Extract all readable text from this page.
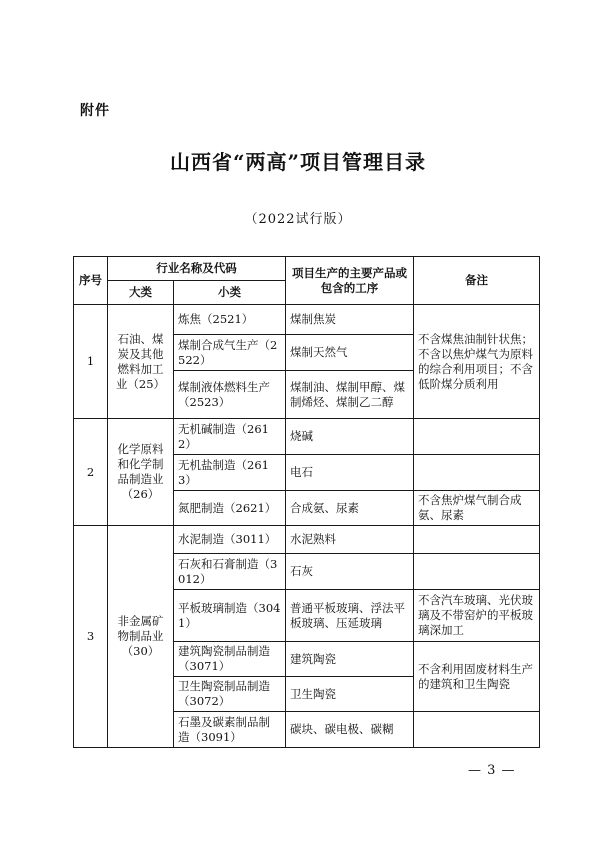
附件
山西省“两高”项目管理目录
（2022试行版）
序号	行业名称及代码		项目生产的主要产品或包含的工序	备注
	大类	小类		
1	石油、煤炭及其他燃料加工业（25）	炼焦（2521）	煤制焦炭	不含煤焦油制针状焦；不含以焦炉煤气为原料的综合利用项目；不含低阶煤分质利用
		煤制合成气生产（2522）	煤制天然气	
		煤制液体燃料生产（2523）	煤制油、煤制甲醇、煤制烯烃、煤制乙二醇	
2	化学原料和化学制品制造业（26）	无机碱制造（2612）	烧碱	
		无机盐制造（2613）	电石	
		氮肥制造（2621）	合成氨、尿素	不含焦炉煤气制合成氨、尿素
3	非金属矿物制品业（30）	水泥制造（3011）	水泥熟料	
		石灰和石膏制造（3012）	石灰	
		平板玻璃制造（3041）	普通平板玻璃、浮法平板玻璃、压延玻璃	不含汽车玻璃、光伏玻璃及不带窑炉的平板玻璃深加工
		建筑陶瓷制品制造（3071）	建筑陶瓷	不含利用固废材料生产的建筑和卫生陶瓷
		卫生陶瓷制品制造（3072）	卫生陶瓷	
		石墨及碳素制品制造（3091）	碳块、碳电极、碳糊	
— 3 —
